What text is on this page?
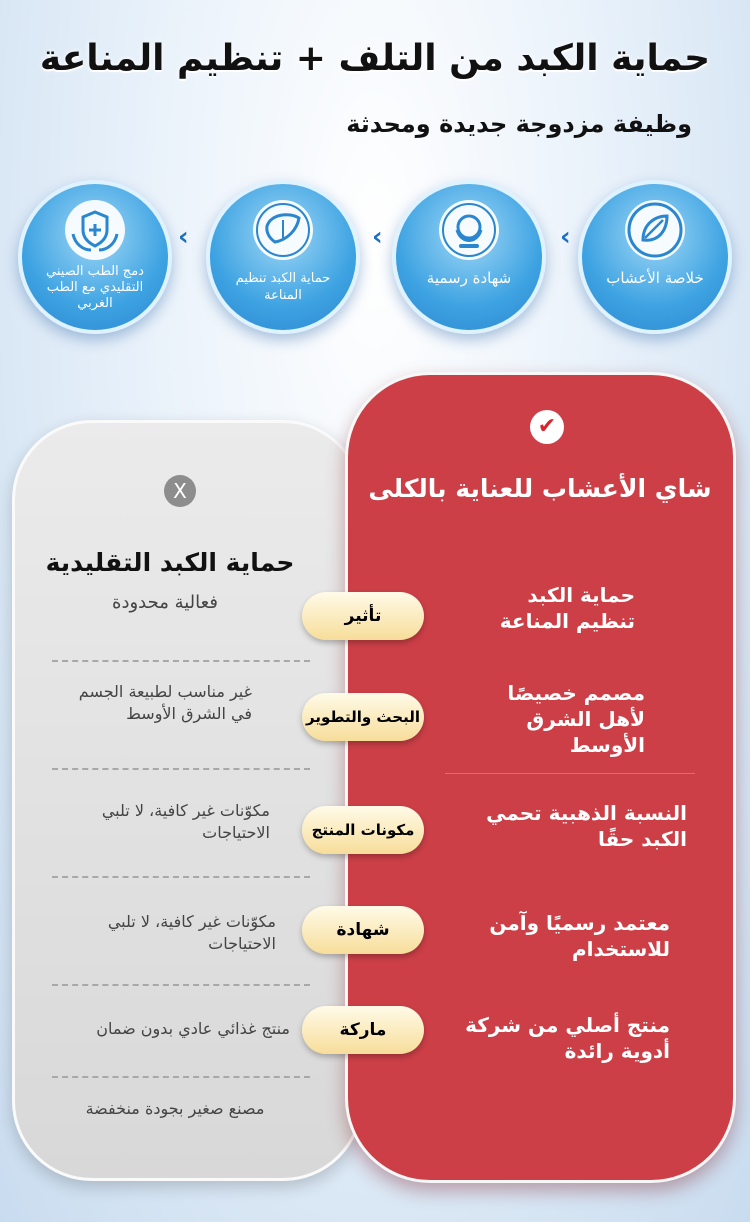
حماية الكبد من التلف + تنظيم المناعة
وظيفة مزدوجة جديدة ومحدثة
خلاصة الأعشاب
شهادة رسمية
حماية الكبد تنظيم المناعة
دمج الطب الصيني التقليدي مع الطب الغربي
‹
‹
‹
X
✔
شاي الأعشاب للعناية بالكلى
حماية الكبد التقليدية
فعالية محدودة
غير مناسب لطبيعة الجسم في الشرق الأوسط
مكوّنات غير كافية، لا تلبي الاحتياجات
مكوّنات غير كافية، لا تلبي الاحتياجات
منتج غذائي عادي بدون ضمان
مصنع صغير بجودة منخفضة
حماية الكبد تنظيم المناعة
مصمم خصيصًا لأهل الشرق الأوسط
النسبة الذهبية تحمي الكبد حقًا
معتمد رسميًا وآمن للاستخدام
منتج أصلي من شركة أدوية رائدة
تأثير
البحث والتطوير
مكونات المنتج
شهادة
ماركة
